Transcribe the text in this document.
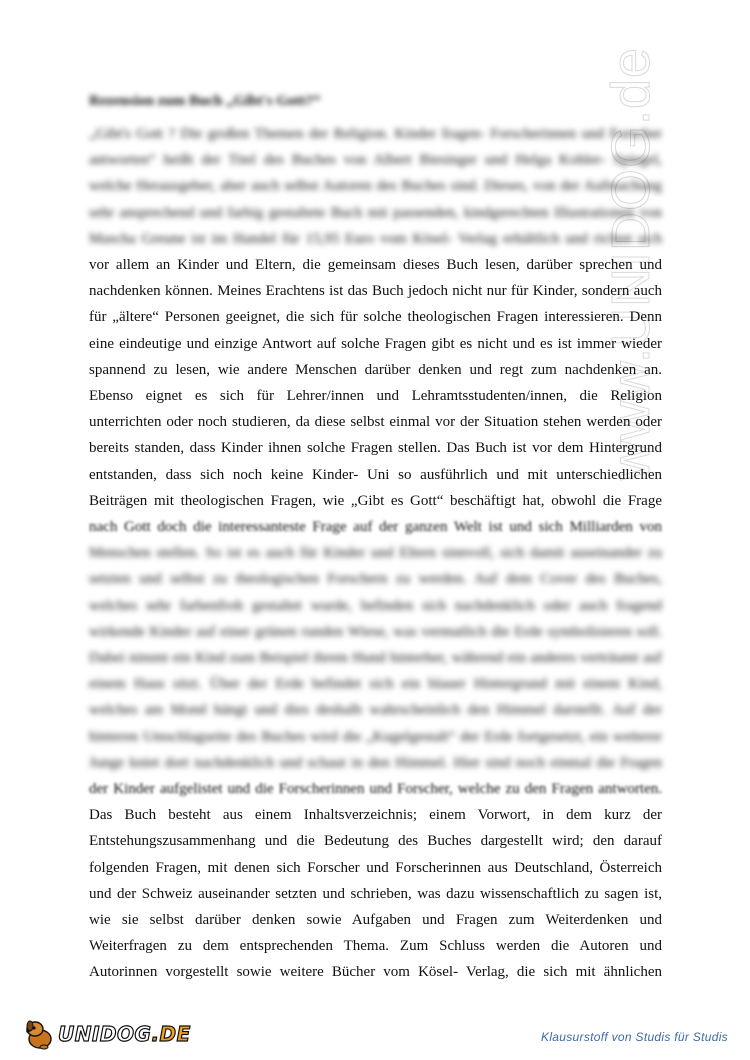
www.UNIDOG.de
Rezension zum Buch „Gibt's Gott?“
„Gibt's Gott ? Die großen Themen der Religion. Kinder fragen- Forscherinnen und Forscher
antworten“ heißt der Titel des Buches von Albert Biesinger und Helga Kohler- Spiegel,
welche Herausgeber, aber auch selbst Autoren des Buches sind. Dieses, von der Aufmachung
sehr ansprechend und farbig gestaltete Buch mit passenden, kindgerechten Illustrationen von
Mascha Greune ist im Handel für 15,95 Euro vom Kösel- Verlag erhältlich und richtet sich
vor allem an Kinder und Eltern, die gemeinsam dieses Buch lesen, darüber sprechen und
nachdenken können. Meines Erachtens ist das Buch jedoch nicht nur für Kinder, sondern auch
für „ältere“ Personen geeignet, die sich für solche theologischen Fragen interessieren. Denn
eine eindeutige und einzige Antwort auf solche Fragen gibt es nicht und es ist immer wieder
spannend zu lesen, wie andere Menschen darüber denken und regt zum nachdenken an.
Ebenso eignet es sich für Lehrer/innen und Lehramtsstudenten/innen, die Religion
unterrichten oder noch studieren, da diese selbst einmal vor der Situation stehen werden oder
bereits standen, dass Kinder ihnen solche Fragen stellen. Das Buch ist vor dem Hintergrund
entstanden, dass sich noch keine Kinder- Uni so ausführlich und mit unterschiedlichen
Beiträgen mit theologischen Fragen, wie „Gibt es Gott“ beschäftigt hat, obwohl die Frage
nach Gott doch die interessanteste Frage auf der ganzen Welt ist und sich Milliarden von
Menschen stellen. So ist es auch für Kinder und Eltern sinnvoll, sich damit auseinander zu
setzten und selbst zu theologischen Forschern zu werden. Auf dem Cover des Buches,
welches sehr farbenfroh gestaltet wurde, befinden sich nachdenklich oder auch fragend
wirkende Kinder auf einer grünen runden Wiese, was vermutlich die Erde symbolisieren soll.
Dabei nimmt ein Kind zum Beispiel ihrem Hund hinterher, während ein anderes verträumt auf
einem Haus sitzt. Über der Erde befindet sich ein blauer Hintergrund mit einem Kind,
welches am Mond hängt und dies deshalb wahrscheinlich den Himmel darstellt. Auf der
hinteren Umschlagseite des Buches wird die „Kugelgestalt“ der Erde fortgesetzt, ein weiterer
Junge kniet dort nachdenklich und schaut in den Himmel. Hier sind noch einmal die Fragen
der Kinder aufgelistet und die Forscherinnen und Forscher, welche zu den Fragen antworten.
Das Buch besteht aus einem Inhaltsverzeichnis; einem Vorwort, in dem kurz der
Entstehungszusammenhang und die Bedeutung des Buches dargestellt wird; den darauf
folgenden Fragen, mit denen sich Forscher und Forscherinnen aus Deutschland, Österreich
und der Schweiz auseinander setzten und schrieben, was dazu wissenschaftlich zu sagen ist,
wie sie selbst darüber denken sowie Aufgaben und Fragen zum Weiterdenken und
Weiterfragen zu dem entsprechenden Thema. Zum Schluss werden die Autoren und
Autorinnen vorgestellt sowie weitere Bücher vom Kösel- Verlag, die sich mit ähnlichen
UNIDOG.DE	Klausurstoff von Studis für Studis
